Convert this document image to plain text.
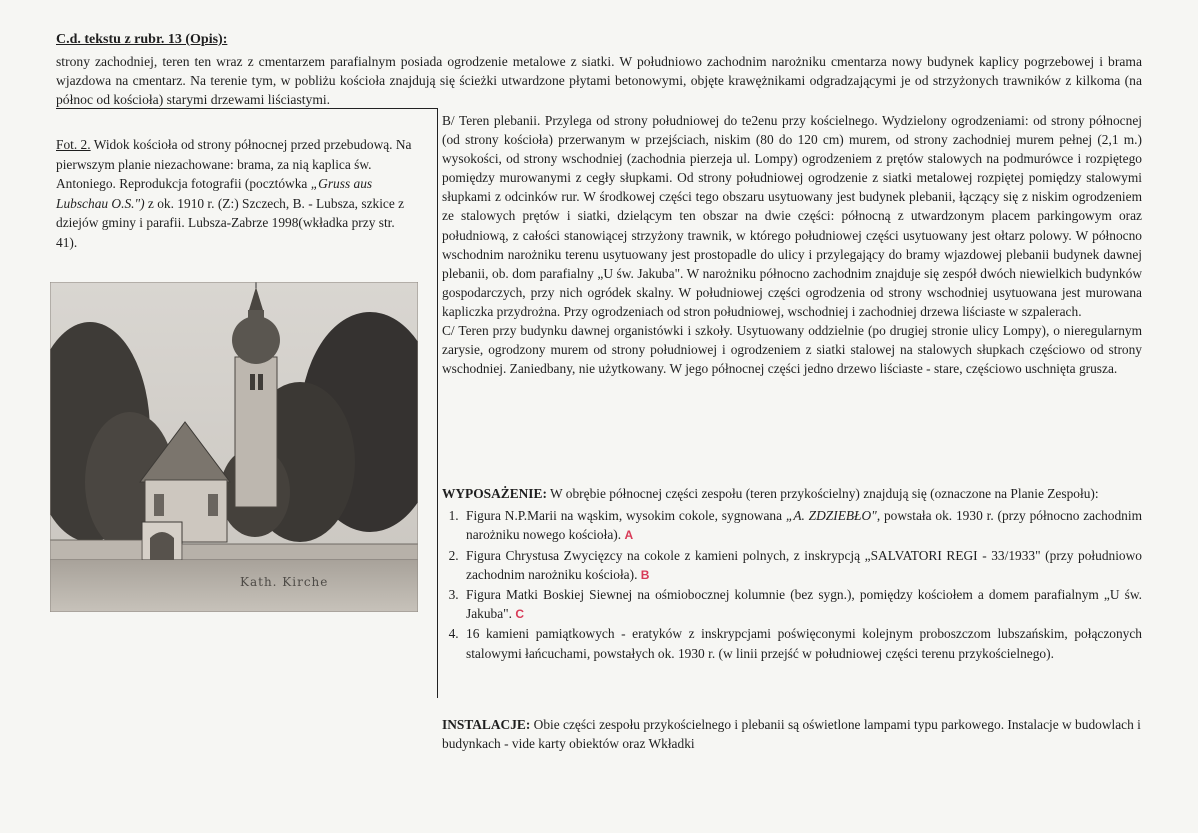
C.d. tekstu z rubr. 13 (Opis):
strony zachodniej, teren ten wraz z cmentarzem parafialnym posiada ogrodzenie metalowe z siatki. W południowo zachodnim narożniku cmentarza nowy budynek kaplicy pogrzebowej i brama wjazdowa na cmentarz. Na terenie tym, w pobliżu kościoła znajdują się ścieżki utwardzone płytami betonowymi, objęte krawężnikami odgradzającymi je od strzyżonych trawników z kilkoma (na północ od kościoła) starymi drzewami liściastymi.
Fot. 2. Widok kościoła od strony północnej przed przebudową. Na pierwszym planie niezachowane: brama, za nią kaplica św. Antoniego. Reprodukcja fotografii (pocztówka „Gruss aus Lubschau O.S.") z ok. 1910 r. (Z:) Szczech, B. - Lubsza, szkice z dziejów gminy i parafii. Lubsza-Zabrze 1998(wkładka przy str. 41).
Kath. Kirche

B/ Teren plebanii. Przylega od strony południowej do te2enu przy kościelnego. Wydzielony ogrodzeniami: od strony północnej (od strony kościoła) przerwanym w przejściach, niskim (80 do 120 cm) murem, od strony zachodniej murem pełnej (2,1 m.) wysokości, od strony wschodniej (zachodnia pierzeja ul. Lompy) ogrodzeniem z prętów stalowych na podmurówce i rozpiętego pomiędzy murowanymi z cegły słupkami. Od strony południowej ogrodzenie z siatki metalowej rozpiętej pomiędzy stalowymi słupkami z odcinków rur. W środkowej części tego obszaru usytuowany jest budynek plebanii, łączący się z niskim ogrodzeniem ze stalowych prętów i siatki, dzielącym ten obszar na dwie części: północną z utwardzonym placem parkingowym oraz południową, z całości stanowiącej strzyżony trawnik, w którego południowej części usytuowany jest ołtarz polowy. W północno wschodnim narożniku terenu usytuowany jest prostopadle do ulicy i przylegający do bramy wjazdowej plebanii budynek dawnej plebanii, ob. dom parafialny „U św. Jakuba". W narożniku północno zachodnim znajduje się zespół dwóch niewielkich budynków gospodarczych, przy nich ogródek skalny. W południowej części ogrodzenia od strony wschodniej usytuowana jest murowana kapliczka przydrożna. Przy ogrodzeniach od stron południowej, wschodniej i zachodniej drzewa liściaste w szpalerach.

C/ Teren przy budynku dawnej organistówki i szkoły. Usytuowany oddzielnie (po drugiej stronie ulicy Lompy), o nieregularnym zarysie, ogrodzony murem od strony południowej i ogrodzeniem z siatki stalowej na stalowych słupkach częściowo od strony wschodniej. Zaniedbany, nie użytkowany. W jego północnej części jedno drzewo liściaste - stare, częściowo uschnięta grusza.

WYPOSAŻENIE: W obrębie północnej części zespołu (teren przykościelny) znajdują się (oznaczone na Planie Zespołu):
1. Figura N.P.Marii na wąskim, wysokim cokole, sygnowana „A. ZDZIEBŁO", powstała ok. 1930 r. (przy północno zachodnim narożniku nowego kościoła). A
2. Figura Chrystusa Zwycięzcy na cokole z kamieni polnych, z inskrypcją „SALVATORI REGI - 33/1933" (przy południowo zachodnim narożniku kościoła). B
3. Figura Matki Boskiej Siewnej na ośmiobocznej kolumnie (bez sygn.), pomiędzy kościołem a domem parafialnym „U św. Jakuba". C
4. 16 kamieni pamiątkowych - eratyków z inskrypcjami poświęconymi kolejnym proboszczom lubszańskim, połączonych stalowymi łańcuchami, powstałych ok. 1930 r. (w linii przejść w południowej części terenu przykościelnego).
INSTALACJE: Obie części zespołu przykościelnego i plebanii są oświetlone lampami typu parkowego. Instalacje w budowlach i budynkach - vide karty obiektów oraz Wkładki
